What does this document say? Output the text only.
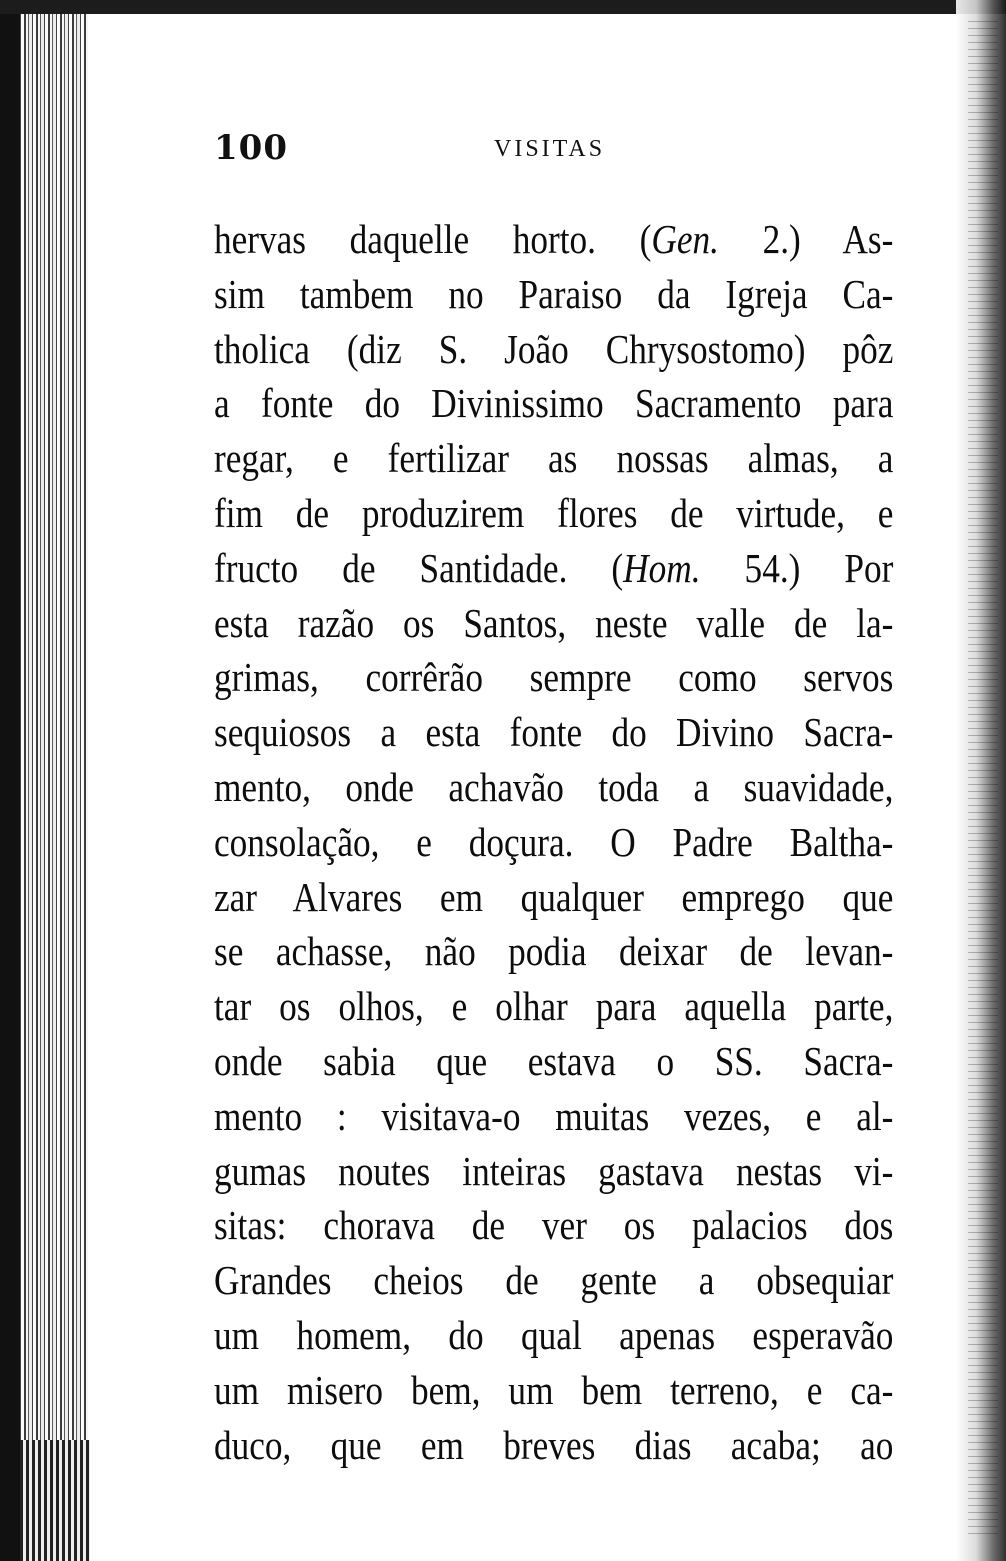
100	VISITAS
hervas daquelle horto. (Gen. 2.) As-
sim tambem no Paraiso da Igreja Ca-
tholica (diz S. João Chrysostomo) pôz
a fonte do Divinissimo Sacramento para
regar, e fertilizar as nossas almas, a
fim de produzirem flores de virtude, e
fructo de Santidade. (Hom. 54.) Por
esta razão os Santos, neste valle de la-
grimas, corrêrão sempre como servos
sequiosos a esta fonte do Divino Sacra-
mento, onde achavão toda a suavidade,
consolação, e doçura. O Padre Baltha-
zar Alvares em qualquer emprego que
se achasse, não podia deixar de levan-
tar os olhos, e olhar para aquella parte,
onde sabia que estava o SS. Sacra-
mento : visitava-o muitas vezes, e al-
gumas noutes inteiras gastava nestas vi-
sitas: chorava de ver os palacios dos
Grandes cheios de gente a obsequiar
um homem, do qual apenas esperavão
um misero bem, um bem terreno, e ca-
duco, que em breves dias acaba; ao
